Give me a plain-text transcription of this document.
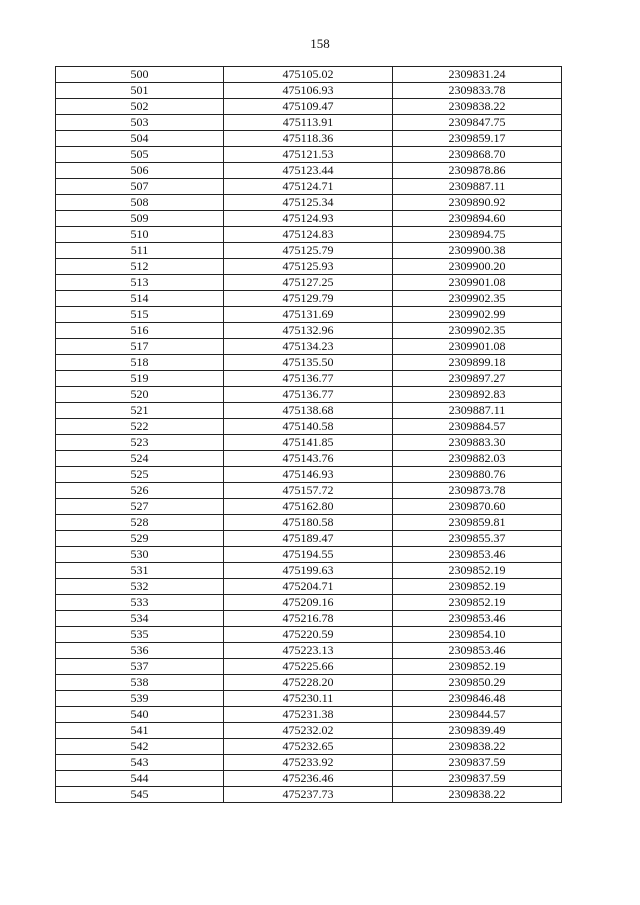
158
500	475105.02	2309831.24
501	475106.93	2309833.78
502	475109.47	2309838.22
503	475113.91	2309847.75
504	475118.36	2309859.17
505	475121.53	2309868.70
506	475123.44	2309878.86
507	475124.71	2309887.11
508	475125.34	2309890.92
509	475124.93	2309894.60
510	475124.83	2309894.75
511	475125.79	2309900.38
512	475125.93	2309900.20
513	475127.25	2309901.08
514	475129.79	2309902.35
515	475131.69	2309902.99
516	475132.96	2309902.35
517	475134.23	2309901.08
518	475135.50	2309899.18
519	475136.77	2309897.27
520	475136.77	2309892.83
521	475138.68	2309887.11
522	475140.58	2309884.57
523	475141.85	2309883.30
524	475143.76	2309882.03
525	475146.93	2309880.76
526	475157.72	2309873.78
527	475162.80	2309870.60
528	475180.58	2309859.81
529	475189.47	2309855.37
530	475194.55	2309853.46
531	475199.63	2309852.19
532	475204.71	2309852.19
533	475209.16	2309852.19
534	475216.78	2309853.46
535	475220.59	2309854.10
536	475223.13	2309853.46
537	475225.66	2309852.19
538	475228.20	2309850.29
539	475230.11	2309846.48
540	475231.38	2309844.57
541	475232.02	2309839.49
542	475232.65	2309838.22
543	475233.92	2309837.59
544	475236.46	2309837.59
545	475237.73	2309838.22
